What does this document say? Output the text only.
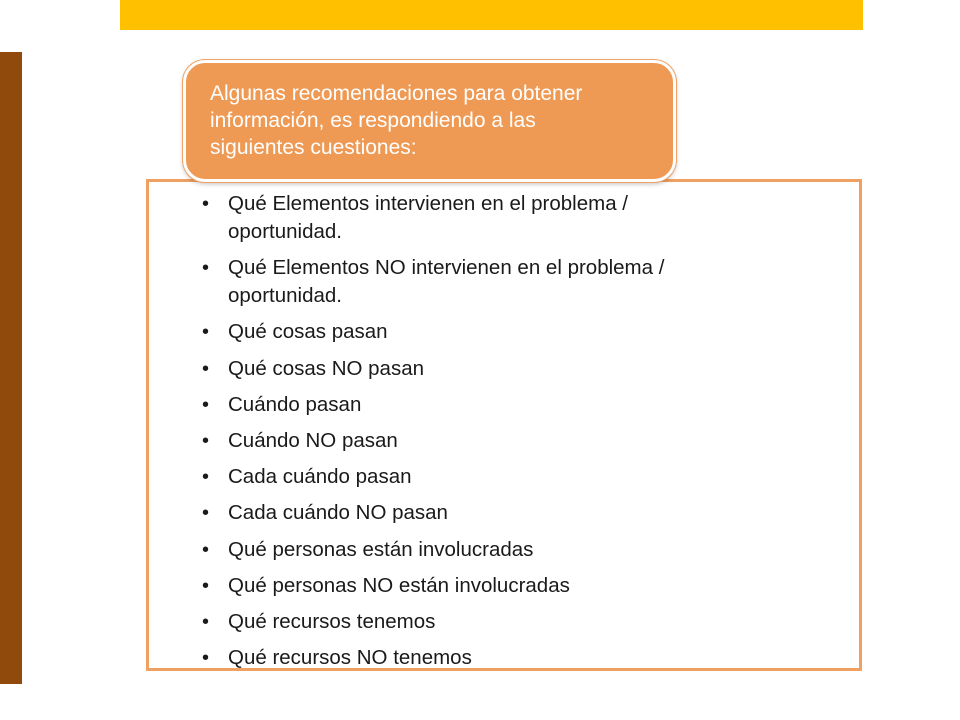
Algunas recomendaciones para obtener
información, es respondiendo a las
siguientes cuestiones:

• Qué Elementos intervienen en el problema /
oportunidad.
• Qué Elementos NO intervienen en el problema /
oportunidad.
• Qué cosas pasan
• Qué cosas NO pasan
• Cuándo pasan
• Cuándo NO pasan
• Cada cuándo pasan
• Cada cuándo NO pasan
• Qué personas están involucradas
• Qué personas NO están involucradas
• Qué recursos tenemos
• Qué recursos NO tenemos
